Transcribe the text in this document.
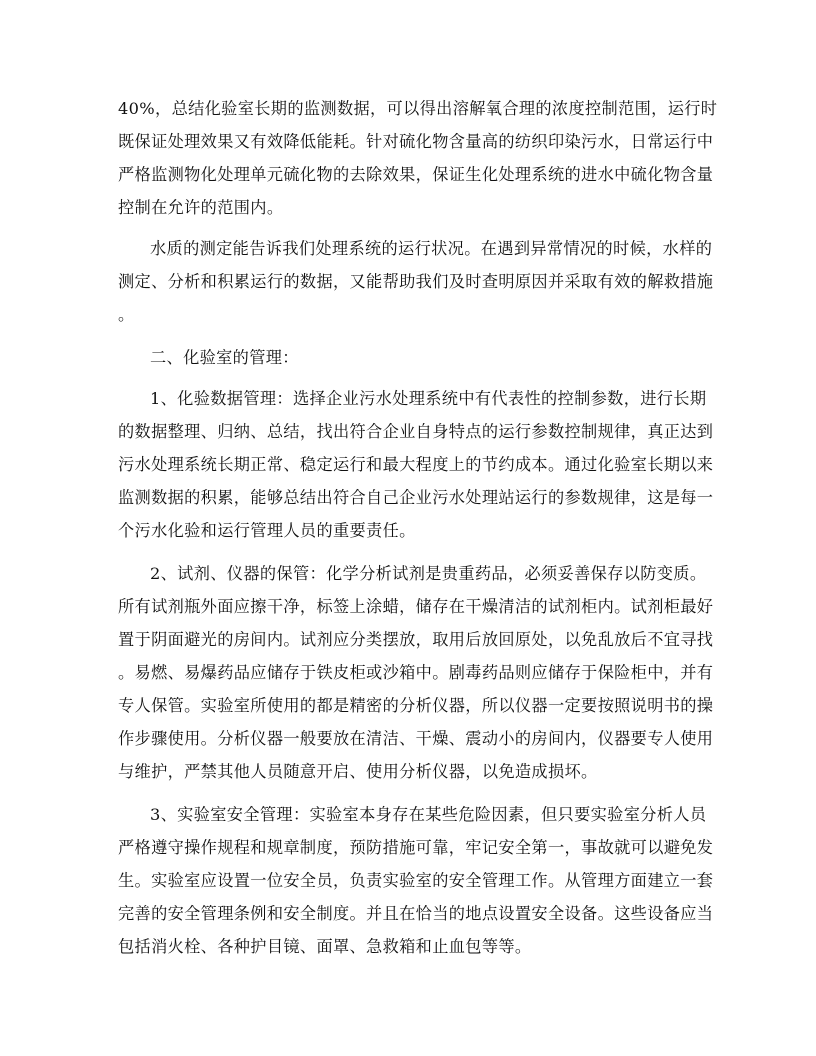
40%，总结化验室长期的监测数据，可以得出溶解氧合理的浓度控制范围，运行时
既保证处理效果又有效降低能耗。针对硫化物含量高的纺织印染污水，日常运行中
严格监测物化处理单元硫化物的去除效果，保证生化处理系统的进水中硫化物含量
控制在允许的范围内。

水质的测定能告诉我们处理系统的运行状况。在遇到异常情况的时候，水样的
测定、分析和积累运行的数据，又能帮助我们及时查明原因并采取有效的解救措施
。

二、化验室的管理：

1、化验数据管理：选择企业污水处理系统中有代表性的控制参数，进行长期
的数据整理、归纳、总结，找出符合企业自身特点的运行参数控制规律，真正达到
污水处理系统长期正常、稳定运行和最大程度上的节约成本。通过化验室长期以来
监测数据的积累，能够总结出符合自己企业污水处理站运行的参数规律，这是每一
个污水化验和运行管理人员的重要责任。

2、试剂、仪器的保管：化学分析试剂是贵重药品，必须妥善保存以防变质。
所有试剂瓶外面应擦干净，标签上涂蜡，储存在干燥清洁的试剂柜内。试剂柜最好
置于阴面避光的房间内。试剂应分类摆放，取用后放回原处，以免乱放后不宜寻找
。易燃、易爆药品应储存于铁皮柜或沙箱中。剧毒药品则应储存于保险柜中，并有
专人保管。实验室所使用的都是精密的分析仪器，所以仪器一定要按照说明书的操
作步骤使用。分析仪器一般要放在清洁、干燥、震动小的房间内，仪器要专人使用
与维护，严禁其他人员随意开启、使用分析仪器，以免造成损坏。

3、实验室安全管理：实验室本身存在某些危险因素，但只要实验室分析人员
严格遵守操作规程和规章制度，预防措施可靠，牢记安全第一，事故就可以避免发
生。实验室应设置一位安全员，负责实验室的安全管理工作。从管理方面建立一套
完善的安全管理条例和安全制度。并且在恰当的地点设置安全设备。这些设备应当
包括消火栓、各种护目镜、面罩、急救箱和止血包等等。
